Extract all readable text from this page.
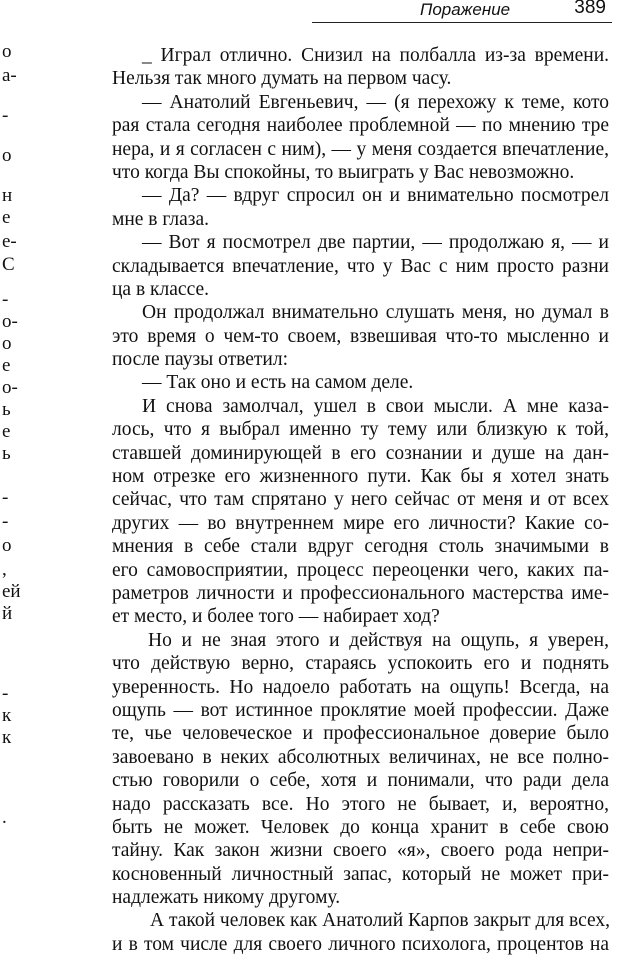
Поражение	389
о
а-
-
о
н
е
е-
С
-
о-
о
е
о-
ь
е
ь
-
-
о
,
ей
й
-
к
к
.
_ Играл отлично. Снизил на полбалла из-за времени.
Нельзя так много думать на первом часу.
— Анатолий Евгеньевич, — (я перехожу к теме, кото
рая стала сегодня наиболее проблемной — по мнению тре
нера, и я согласен с ним), — у меня создается впечатление,
что когда Вы спокойны, то выиграть у Вас невозможно.
— Да? — вдруг спросил он и внимательно посмотрел
мне в глаза.
— Вот я посмотрел две партии, — продолжаю я, — и
складывается впечатление, что у Вас с ним просто разни
ца в классе.
Он продолжал внимательно слушать меня, но думал в
это время о чем-то своем, взвешивая что-то мысленно и
после паузы ответил:
— Так оно и есть на самом деле.
И снова замолчал, ушел в свои мысли. А мне каза-
лось, что я выбрал именно ту тему или близкую к той,
ставшей доминирующей в его сознании и душе на дан-
ном отрезке его жизненного пути. Как бы я хотел знать
сейчас, что там спрятано у него сейчас от меня и от всех
других — во внутреннем мире его личности? Какие со-
мнения в себе стали вдруг сегодня столь значимыми в
его самовосприятии, процесс переоценки чего, каких па-
раметров личности и профессионального мастерства име-
ет место, и более того — набирает ход?
Но и не зная этого и действуя на ощупь, я уверен,
что действую верно, стараясь успокоить его и поднять
уверенность. Но надоело работать на ощупь! Всегда, на
ощупь — вот истинное проклятие моей профессии. Даже
те, чье человеческое и профессиональное доверие было
завоевано в неких абсолютных величинах, не все полно-
стью говорили о себе, хотя и понимали, что ради дела
надо рассказать все. Но этого не бывает, и, вероятно,
быть не может. Человек до конца хранит в себе свою
тайну. Как закон жизни своего «я», своего рода непри-
косновенный личностный запас, который не может при-
надлежать никому другому.
А такой человек как Анатолий Карпов закрыт для всех,
и в том числе для своего личного психолога, процентов на
